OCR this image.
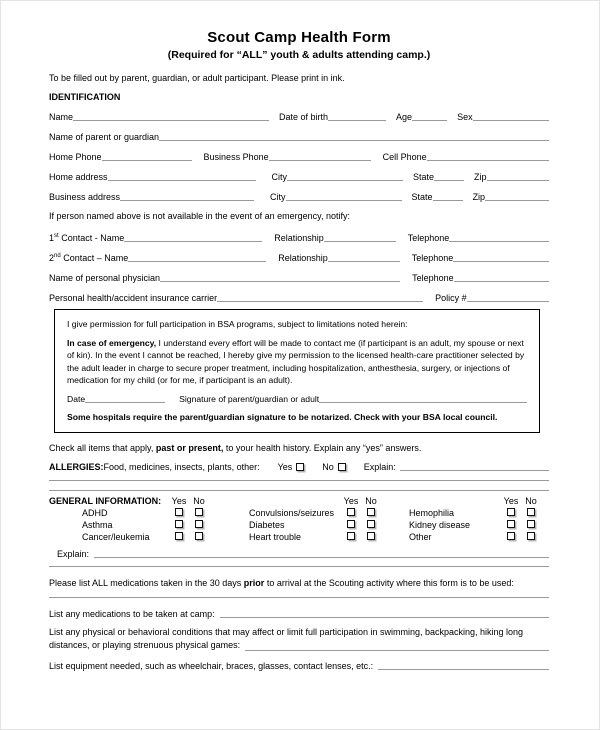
Scout Camp Health Form
(Required for “ALL” youth & adults attending camp.)
To be filled out by parent, guardian, or adult participant. Please print in ink.
IDENTIFICATION
Name	Date of birth	Age	Sex
Name of parent or guardian
Home Phone	Business Phone	Cell Phone
Home address	City	State	Zip
Business address	City	State	Zip
If person named above is not available in the event of an emergency, notify:
1st Contact - Name	Relationship	Telephone
2nd Contact – Name	Relationship	Telephone
Name of personal physician	Telephone
Personal health/accident insurance carrier	Policy #

I give permission for full participation in BSA programs, subject to limitations noted herein:

In case of emergency, I understand every effort will be made to contact me (if participant is an adult, my spouse or next of kin). In the event I cannot be reached, I hereby give my permission to the licensed health-care practitioner selected by the adult leader in charge to secure proper treatment, including hospitalization, anthesthesia, surgery, or injections of medication for my child (or for me, if participant is an adult).

Date	Signature of parent/guardian or adult

Some hospitals require the parent/guardian signature to be notarized. Check with your BSA local council.

Check all items that apply, past or present, to your health history. Explain any “yes” answers.
ALLERGIES: Food, medicines, insects, plants, other: Yes	No	Explain:
GENERAL INFORMATION:	Yes No	Yes No	Yes No
ADHD	Convulsions/seizures	Hemophilia
Asthma	Diabetes	Kidney disease
Cancer/leukemia	Heart trouble	Other
Explain:
Please list ALL medications taken in the 30 days prior to arrival at the Scouting activity where this form is to be used:
List any medications to be taken at camp:
List any physical or behavioral conditions that may affect or limit full participation in swimming, backpacking, hiking long
distances, or playing strenuous physical games:
List equipment needed, such as wheelchair, braces, glasses, contact lenses, etc.:
